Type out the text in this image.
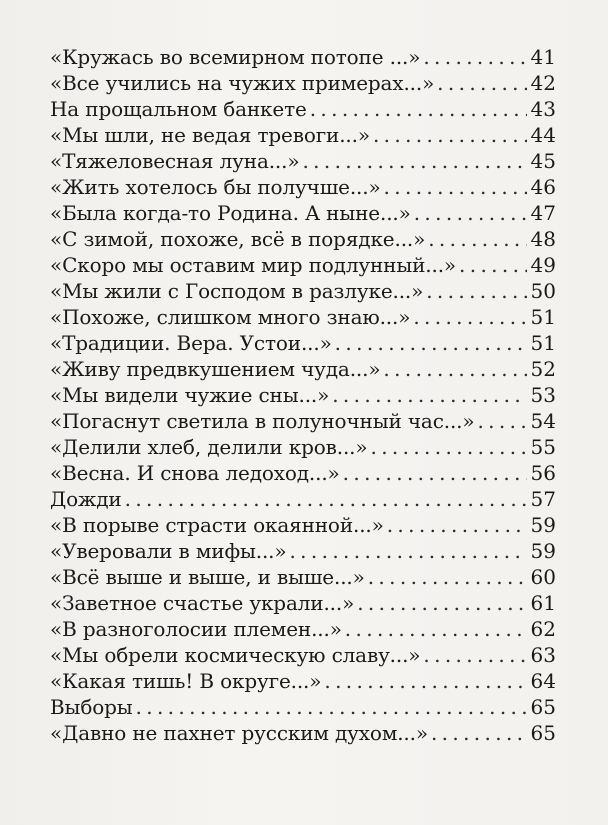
«Кружась во всемирном потопе ...» . . .	41
«Все учились на чужих примерах...» . . .	42
На прощальном банкете . . .	43
«Мы шли, не ведая тревоги...» . . .	44
«Тяжеловесная луна...» . . .	45
«Жить хотелось бы получше...» . . .	46
«Была когда-то Родина. А ныне...» . . .	47
«С зимой, похоже, всё в порядке...» . . .	48
«Скоро мы оставим мир подлунный...» . . .	49
«Мы жили с Господом в разлуке...» . . .	50
«Похоже, слишком много знаю...» . . .	51
«Традиции. Вера. Устои...» . . .	51
«Живу предвкушением чуда...» . . .	52
«Мы видели чужие сны...» . . .	53
«Погаснут светила в полуночный час...» . . .	54
«Делили хлеб, делили кров...» . . .	55
«Весна. И снова ледоход...» . . .	56
Дожди . . .	57
«В порыве страсти окаянной...» . . .	59
«Уверовали в мифы...» . . .	59
«Всё выше и выше, и выше...» . . .	60
«Заветное счастье украли...» . . .	61
«В разноголосии племен...» . . .	62
«Мы обрели космическую славу...» . . .	63
«Какая тишь! В округе...» . . .	64
Выборы . . .	65
«Давно не пахнет русским духом...» . . .	65
